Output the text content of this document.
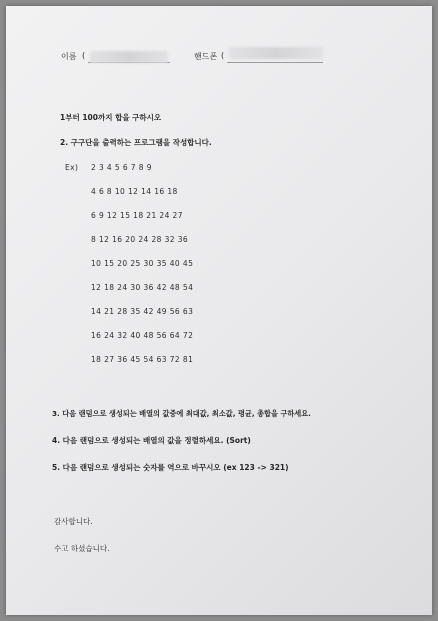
이름 (	핸드폰 (
1부터 100까지 합을 구하시오
2. 구구단을 출력하는 프로그램을 작성합니다.
Ex) 2 3 4 5 6 7 8 9
4 6 8 10 12 14 16 18
6 9 12 15 18 21 24 27
8 12 16 20 24 28 32 36
10 15 20 25 30 35 40 45
12 18 24 30 36 42 48 54
14 21 28 35 42 49 56 63
16 24 32 40 48 56 64 72
18 27 36 45 54 63 72 81
3. 다음 랜덤으로 생성되는 배열의 값중에 최대값, 최소값, 평균, 총합을 구하세요.
4. 다음 랜덤으로 생성되는 배열의 값을 정렬하세요. (Sort)
5. 다음 랜덤으로 생성되는 숫자를 역으로 바꾸시오 (ex 123 -> 321)
감사합니다.
수고 하셨습니다.
